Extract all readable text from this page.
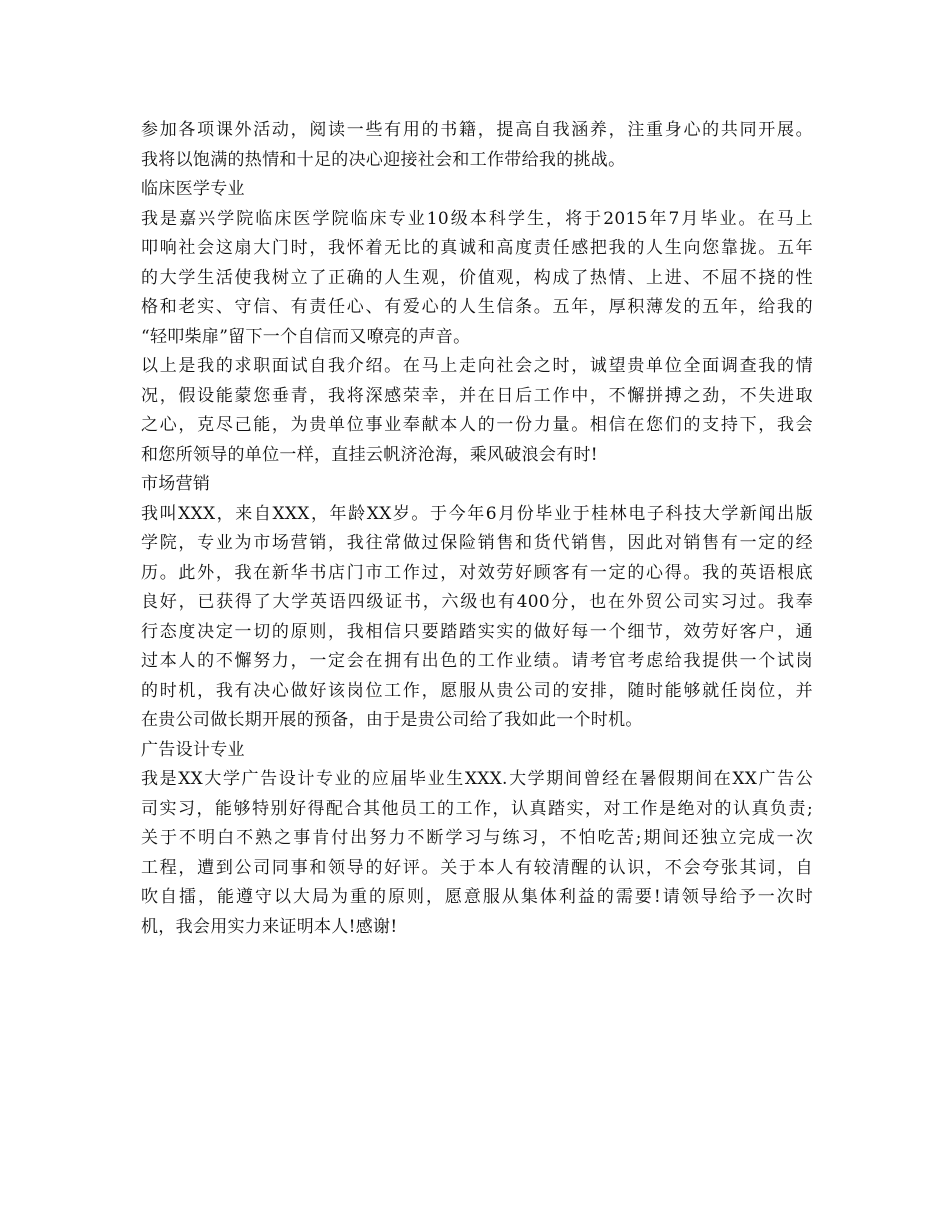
参加各项课外活动，阅读一些有用的书籍，提高自我涵养，注重身心的共同开展。
我将以饱满的热情和十足的决心迎接社会和工作带给我的挑战。
临床医学专业
我是嘉兴学院临床医学院临床专业10级本科学生，将于2015年7月毕业。在马上
叩响社会这扇大门时，我怀着无比的真诚和高度责任感把我的人生向您靠拢。五年
的大学生活使我树立了正确的人生观，价值观，构成了热情、上进、不屈不挠的性
格和老实、守信、有责任心、有爱心的人生信条。五年，厚积薄发的五年，给我的
“轻叩柴扉”留下一个自信而又嘹亮的声音。
以上是我的求职面试自我介绍。在马上走向社会之时，诚望贵单位全面调查我的情
况，假设能蒙您垂青，我将深感荣幸，并在日后工作中，不懈拼搏之劲，不失进取
之心，克尽己能，为贵单位事业奉献本人的一份力量。相信在您们的支持下，我会
和您所领导的单位一样，直挂云帆济沧海，乘风破浪会有时!
市场营销
我叫XXX，来自XXX，年龄XX岁。于今年6月份毕业于桂林电子科技大学新闻出版
学院，专业为市场营销，我往常做过保险销售和货代销售，因此对销售有一定的经
历。此外，我在新华书店门市工作过，对效劳好顾客有一定的心得。我的英语根底
良好，已获得了大学英语四级证书，六级也有400分，也在外贸公司实习过。我奉
行态度决定一切的原则，我相信只要踏踏实实的做好每一个细节，效劳好客户，通
过本人的不懈努力，一定会在拥有出色的工作业绩。请考官考虑给我提供一个试岗
的时机，我有决心做好该岗位工作，愿服从贵公司的安排，随时能够就任岗位，并
在贵公司做长期开展的预备，由于是贵公司给了我如此一个时机。
广告设计专业
我是XX大学广告设计专业的应届毕业生XXX.大学期间曾经在暑假期间在XX广告公
司实习，能够特别好得配合其他员工的工作，认真踏实，对工作是绝对的认真负责;
关于不明白不熟之事肯付出努力不断学习与练习，不怕吃苦;期间还独立完成一次
工程，遭到公司同事和领导的好评。关于本人有较清醒的认识，不会夸张其词，自
吹自擂，能遵守以大局为重的原则，愿意服从集体利益的需要!请领导给予一次时
机，我会用实力来证明本人!感谢!
